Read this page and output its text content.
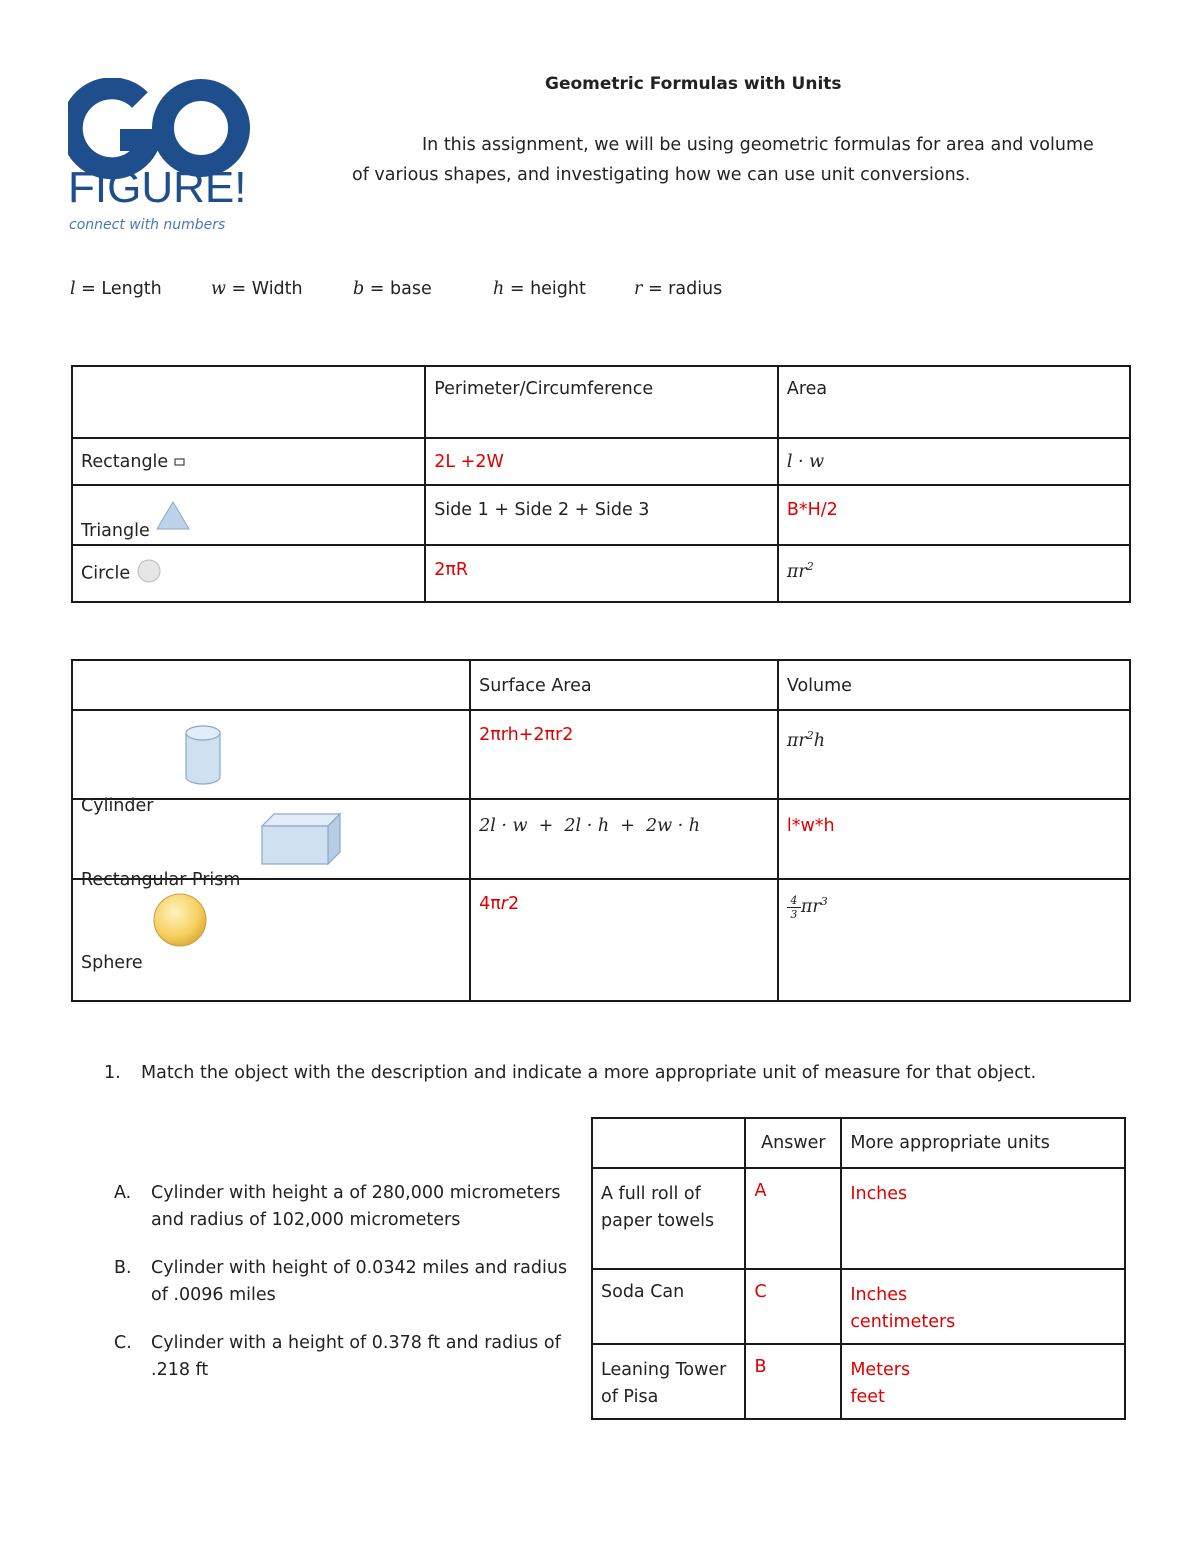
FIGURE!
connect with numbers
Geometric Formulas with Units
In this assignment, we will be using geometric formulas for area and volume
of various shapes, and investigating how we can use unit conversions.
l = Length	w = Width	b = base	h = height	r = radius
	Perimeter/Circumference	Area
Rectangle	2L +2W	l · w
Triangle	Side 1 + Side 2 + Side 3	B*H/2
Circle	2πR	$\pi r^2$
	Surface Area	Volume
Cylinder	2πrh+2πr2	$\pi r^2h$
Rectangular Prism	2l · w  +  2l · h  +  2w · h	l*w*h
Sphere	4πr2	$\frac{4}{3} \pi r^3$
1. Match the object with the description and indicate a more appropriate unit of measure for that object.
A.	Cylinder with height a of 280,000 micrometers and radius of 102,000 micrometers
B.	Cylinder with height of 0.0342 miles and radius of .0096 miles
C.	Cylinder with a height of 0.378 ft and radius of .218 ft
	Answer	More appropriate units
A full roll of paper towels	A	Inches

Soda Can	C	Inches
centimeters

Leaning Tower of Pisa	B	Meters
feet
